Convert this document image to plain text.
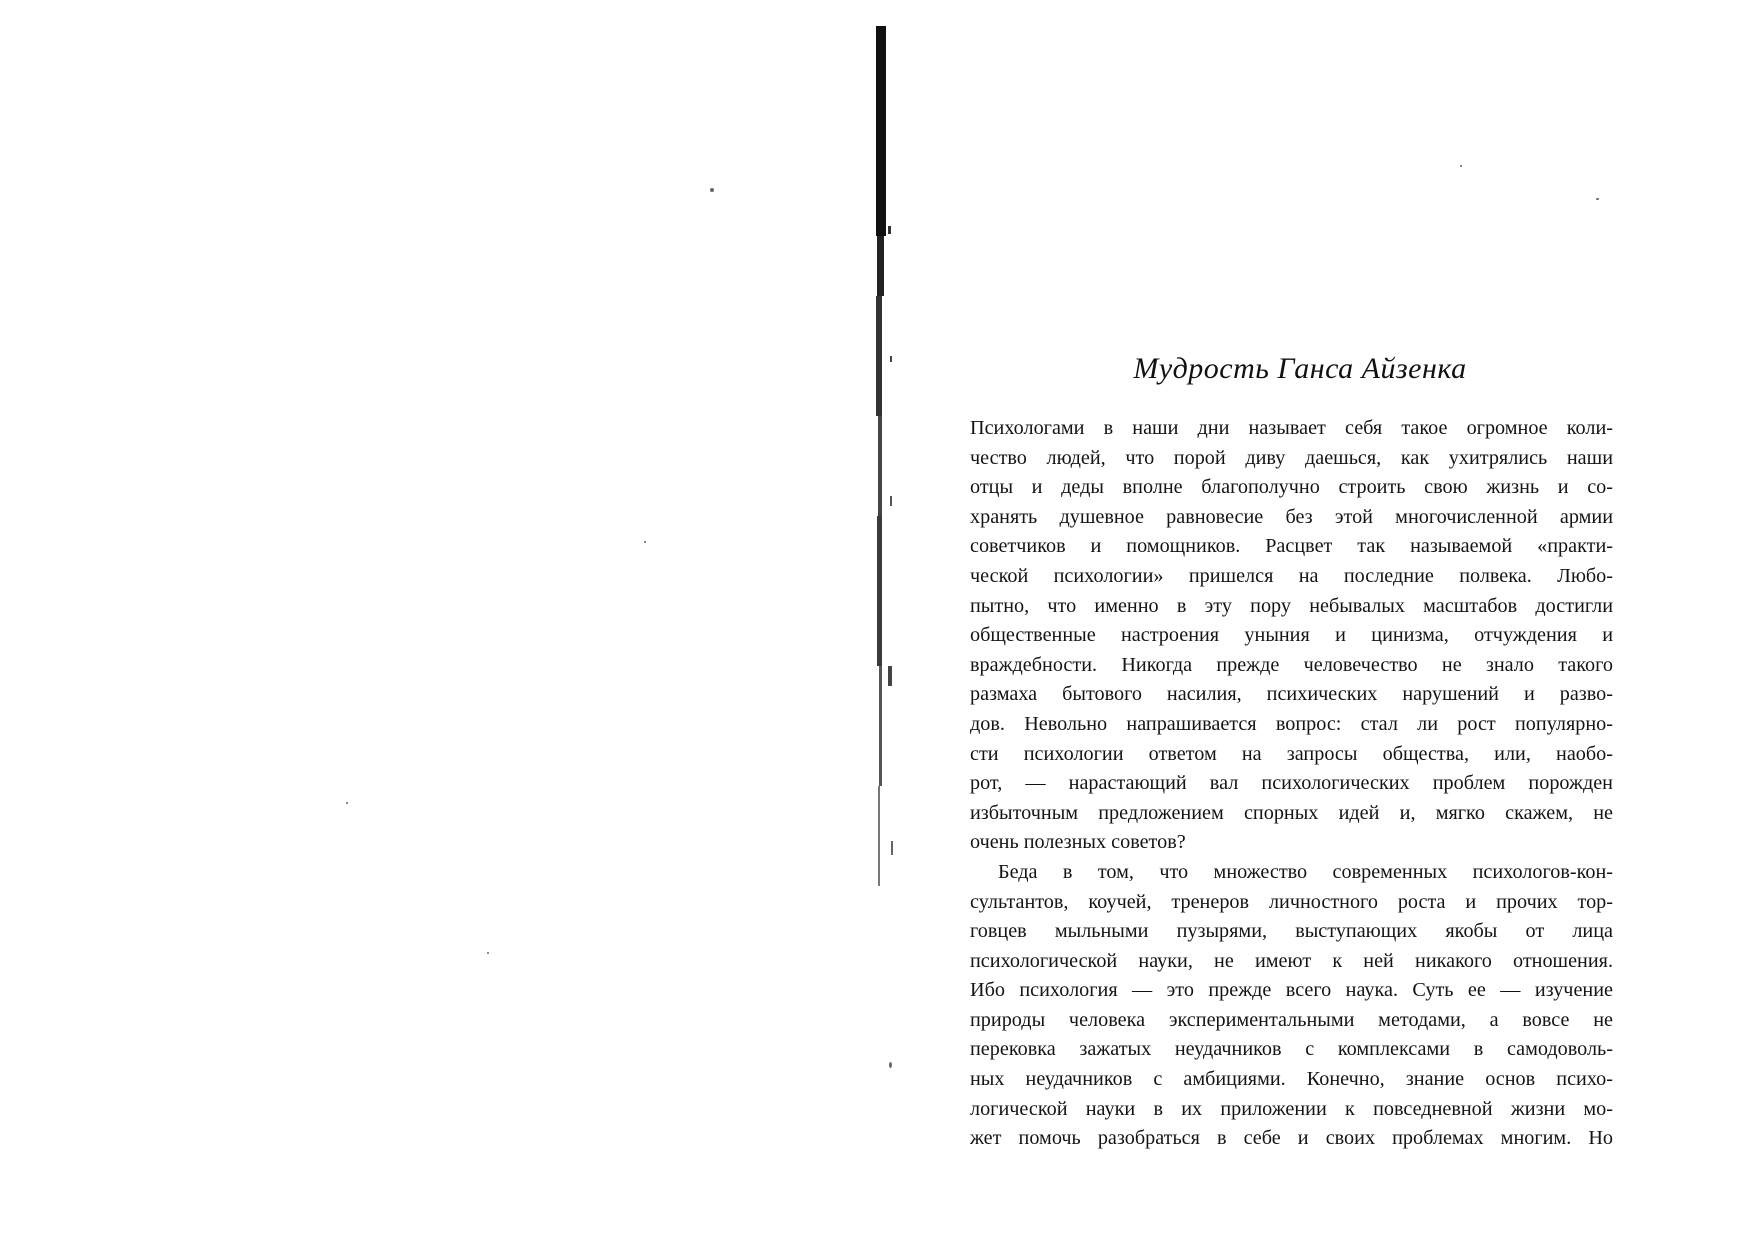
Мудрость Ганса Айзенка
Психологами в наши дни называет себя такое огромное коли-
чество людей, что порой диву даешься, как ухитрялись наши
отцы и деды вполне благополучно строить свою жизнь и со-
хранять душевное равновесие без этой многочисленной армии
советчиков и помощников. Расцвет так называемой «практи-
ческой психологии» пришелся на последние полвека. Любо-
пытно, что именно в эту пору небывалых масштабов достигли
общественные настроения уныния и цинизма, отчуждения и
враждебности. Никогда прежде человечество не знало такого
размаха бытового насилия, психических нарушений и разво-
дов. Невольно напрашивается вопрос: стал ли рост популярно-
сти психологии ответом на запросы общества, или, наобо-
рот, — нарастающий вал психологических проблем порожден
избыточным предложением спорных идей и, мягко скажем, не
очень полезных советов?
Беда в том, что множество современных психологов-кон-
сультантов, коучей, тренеров личностного роста и прочих тор-
говцев мыльными пузырями, выступающих якобы от лица
психологической науки, не имеют к ней никакого отношения.
Ибо психология — это прежде всего наука. Суть ее — изучение
природы человека экспериментальными методами, а вовсе не
перековка зажатых неудачников с комплексами в самодоволь-
ных неудачников с амбициями. Конечно, знание основ психо-
логической науки в их приложении к повседневной жизни мо-
жет помочь разобраться в себе и своих проблемах многим. Но
